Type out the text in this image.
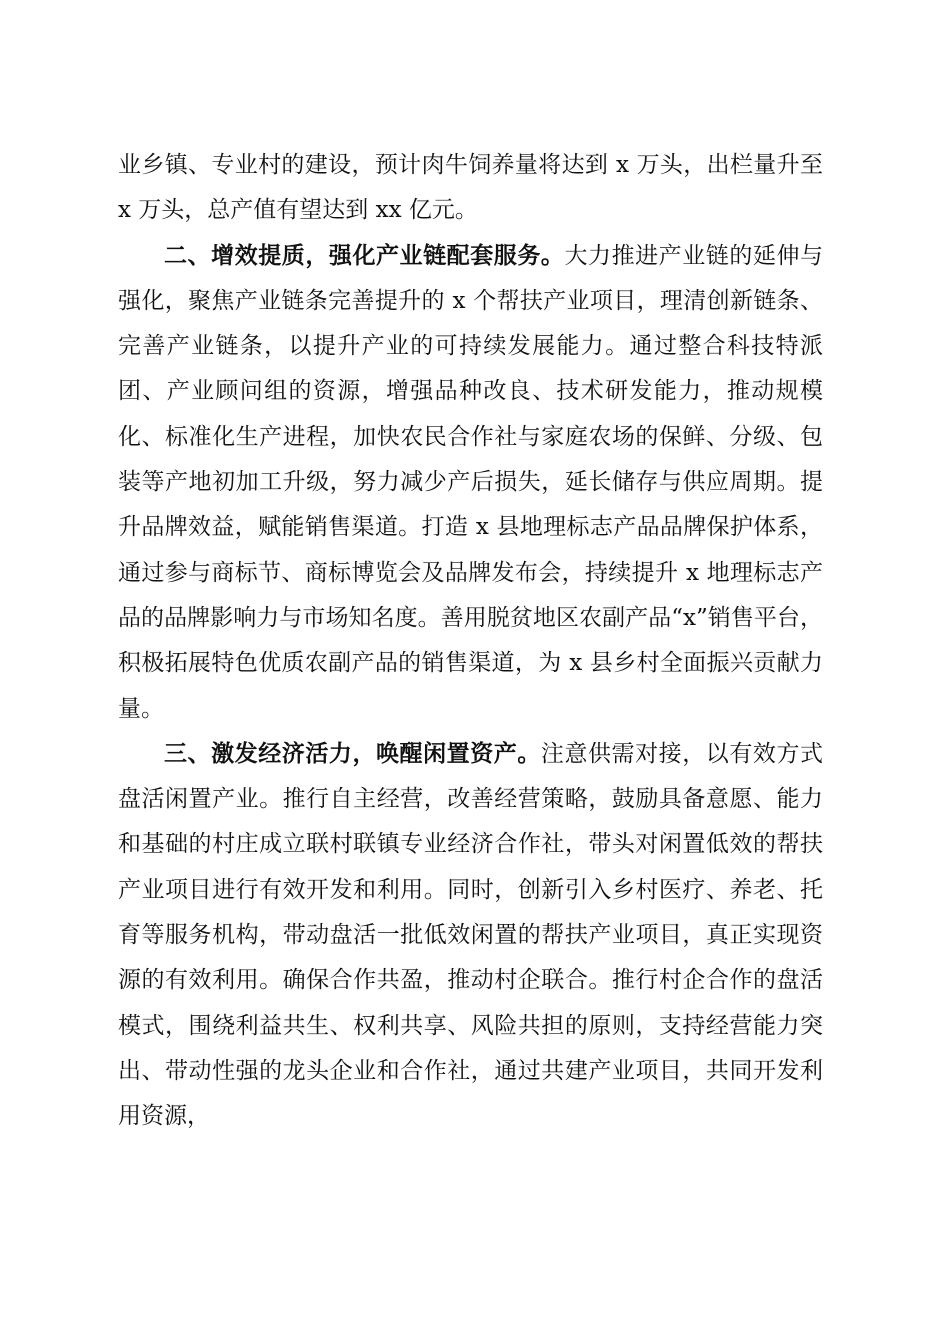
业乡镇、专业村的建设，预计肉牛饲养量将达到 x 万头，出栏量升至 x 万头，总产值有望达到 xx 亿元。

二、增效提质，强化产业链配套服务。大力推进产业链的延伸与强化，聚焦产业链条完善提升的 x 个帮扶产业项目，理清创新链条、完善产业链条，以提升产业的可持续发展能力。通过整合科技特派团、产业顾问组的资源，增强品种改良、技术研发能力，推动规模化、标准化生产进程，加快农民合作社与家庭农场的保鲜、分级、包装等产地初加工升级，努力减少产后损失，延长储存与供应周期。提升品牌效益，赋能销售渠道。打造 x 县地理标志产品品牌保护体系，通过参与商标节、商标博览会及品牌发布会，持续提升 x 地理标志产品的品牌影响力与市场知名度。善用脱贫地区农副产品“x”销售平台，积极拓展特色优质农副产品的销售渠道，为 x 县乡村全面振兴贡献力量。

三、激发经济活力，唤醒闲置资产。注意供需对接，以有效方式盘活闲置产业。推行自主经营，改善经营策略，鼓励具备意愿、能力和基础的村庄成立联村联镇专业经济合作社，带头对闲置低效的帮扶产业项目进行有效开发和利用。同时，创新引入乡村医疗、养老、托育等服务机构，带动盘活一批低效闲置的帮扶产业项目，真正实现资源的有效利用。确保合作共盈，推动村企联合。推行村企合作的盘活模式，围绕利益共生、权利共享、风险共担的原则，支持经营能力突出、带动性强的龙头企业和合作社，通过共建产业项目，共同开发利用资源，
